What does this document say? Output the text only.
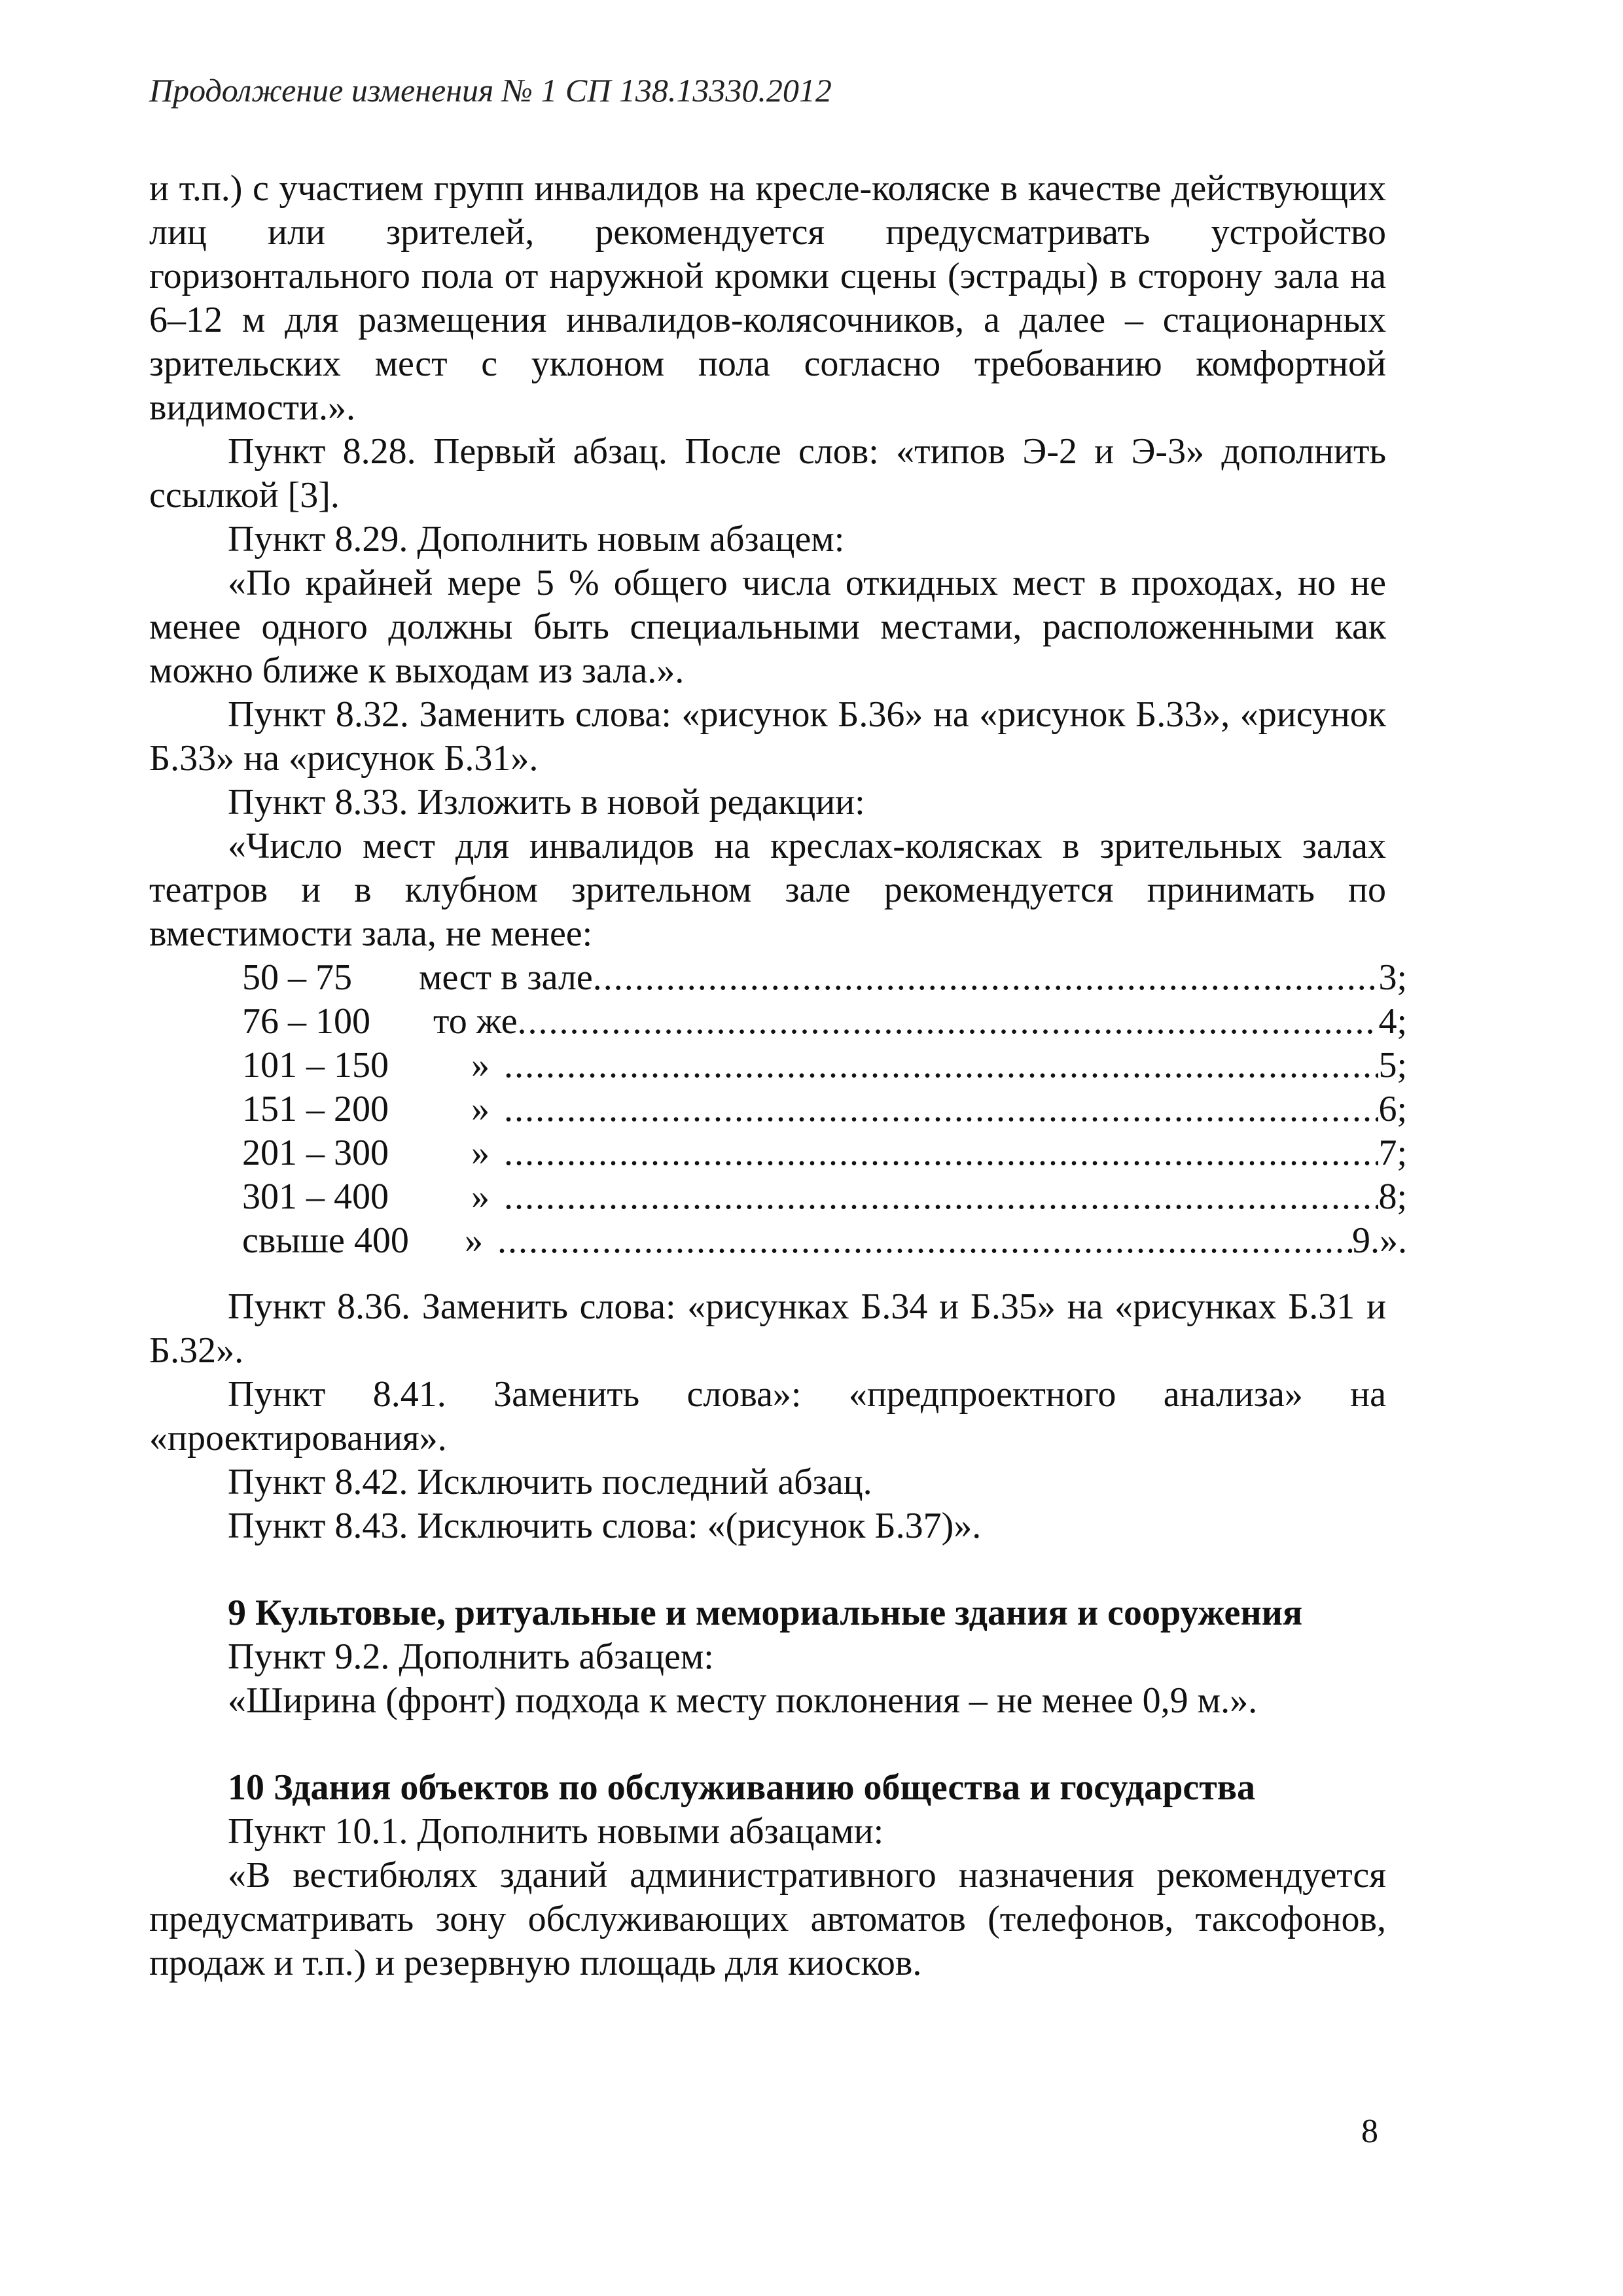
Продолжение изменения № 1 СП 138.13330.2012

и т.п.) с участием групп инвалидов на кресле-коляске в качестве действующих лиц или зрителей, рекомендуется предусматривать устройство горизонтального пола от наружной кромки сцены (эстрады) в сторону зала на 6–12 м для размещения инвалидов-колясочников, а далее – стационарных зрительских мест с уклоном пола согласно требованию комфортной видимости.».

Пункт 8.28. Первый абзац. После слов: «типов Э-2 и Э-3» дополнить ссылкой [3].

Пункт 8.29. Дополнить новым абзацем:

«По крайней мере 5 % общего числа откидных мест в проходах, но не менее одного должны быть специальными местами, расположенными как можно ближе к выходам из зала.».

Пункт 8.32. Заменить слова: «рисунок Б.36» на «рисунок Б.33», «рисунок Б.33» на «рисунок Б.31».

Пункт 8.33. Изложить в новой редакции:

«Число мест для инвалидов на креслах-колясках в зрительных залах театров и в клубном зрительном зале рекомендуется принимать по вместимости зала, не менее:

50 – 75	мест в зале .....	3;
76 – 100	то же .....	4;
101 – 150	» .....	5;
151 – 200	» .....	6;
201 – 300	» .....	7;
301 – 400	» .....	8;
свыше 400	» .....	9.».

Пункт 8.36. Заменить слова: «рисунках Б.34 и Б.35» на «рисунках Б.31 и Б.32».

Пункт 8.41. Заменить слова»: «предпроектного анализа» на «проектирования».

Пункт 8.42. Исключить последний абзац.

Пункт 8.43. Исключить слова: «(рисунок Б.37)».

9 Культовые, ритуальные и мемориальные здания и сооружения

Пункт 9.2. Дополнить абзацем:

«Ширина (фронт) подхода к месту поклонения – не менее 0,9 м.».

10 Здания объектов по обслуживанию общества и государства

Пункт 10.1. Дополнить новыми абзацами:

«В вестибюлях зданий административного назначения рекомендуется предусматривать зону обслуживающих автоматов (телефонов, таксофонов, продаж и т.п.) и резервную площадь для киосков.

8
